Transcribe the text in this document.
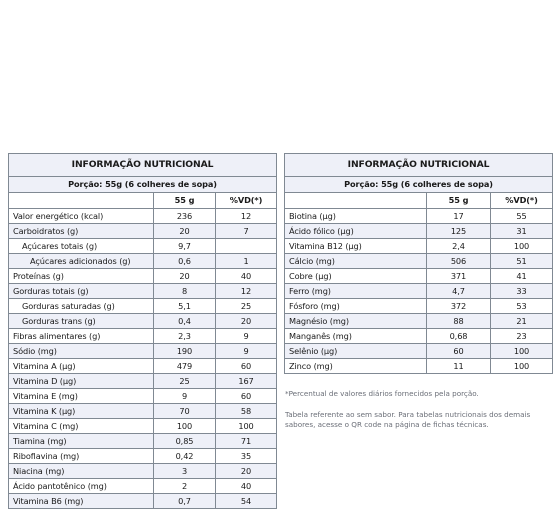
INFORMAÇÃO NUTRICIONAL		
Porção: 55g (6 colheres de sopa)		
	55 g	%VD(*)
Valor energético (kcal)	236	12
Carboidratos (g)	20	7
Açúcares totais (g)	9,7	
Açúcares adicionados (g)	0,6	1
Proteínas (g)	20	40
Gorduras totais (g)	8	12
Gorduras saturadas (g)	5,1	25
Gorduras trans (g)	0,4	20
Fibras alimentares (g)	2,3	9
Sódio (mg)	190	9
Vitamina A (μg)	479	60
Vitamina D (μg)	25	167
Vitamina E (mg)	9	60
Vitamina K (μg)	70	58
Vitamina C (mg)	100	100
Tiamina (mg)	0,85	71
Riboflavina (mg)	0,42	35
Niacina (mg)	3	20
Ácido pantotênico (mg)	2	40
Vitamina B6 (mg)	0,7	54
INFORMAÇÃO NUTRICIONAL		
Porção: 55g (6 colheres de sopa)		
	55 g	%VD(*)
Biotina (μg)	17	55
Ácido fólico (μg)	125	31
Vitamina B12 (μg)	2,4	100
Cálcio (mg)	506	51
Cobre (μg)	371	41
Ferro (mg)	4,7	33
Fósforo (mg)	372	53
Magnésio (mg)	88	21
Manganês (mg)	0,68	23
Selênio (μg)	60	100
Zinco (mg)	11	100
*Percentual de valores diários fornecidos pela porção.
Tabela referente ao sem sabor. Para tabelas nutricionais dos demais sabores, acesse o QR code na página de fichas técnicas.
